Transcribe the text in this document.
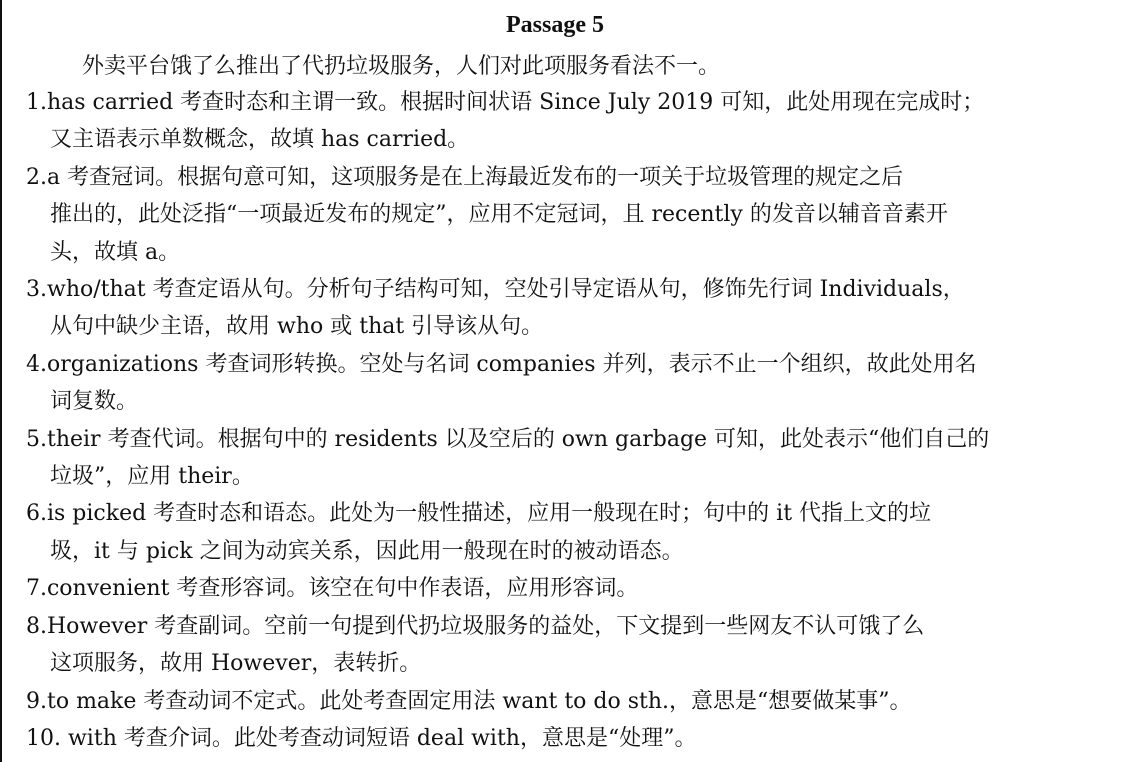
Passage 5
外卖平台饿了么推出了代扔垃圾服务，人们对此项服务看法不一。
1.has carried 考查时态和主谓一致。根据时间状语 Since July 2019 可知，此处用现在完成时；
又主语表示单数概念，故填 has carried。
2.a 考查冠词。根据句意可知，这项服务是在上海最近发布的一项关于垃圾管理的规定之后
推出的，此处泛指“一项最近发布的规定”，应用不定冠词，且 recently 的发音以辅音音素开
头，故填 a。
3.who/that 考查定语从句。分析句子结构可知，空处引导定语从句，修饰先行词 Individuals，
从句中缺少主语，故用 who 或 that 引导该从句。
4.organizations 考查词形转换。空处与名词 companies 并列，表示不止一个组织，故此处用名
词复数。
5.their 考查代词。根据句中的 residents 以及空后的 own garbage 可知，此处表示“他们自己的
垃圾”，应用 their。
6.is picked 考查时态和语态。此处为一般性描述，应用一般现在时；句中的 it 代指上文的垃
圾，it 与 pick 之间为动宾关系，因此用一般现在时的被动语态。
7.convenient 考查形容词。该空在句中作表语，应用形容词。
8.However 考查副词。空前一句提到代扔垃圾服务的益处，下文提到一些网友不认可饿了么
这项服务，故用 However，表转折。
9.to make 考查动词不定式。此处考查固定用法 want to do sth.，意思是“想要做某事”。
10. with 考查介词。此处考查动词短语 deal with，意思是“处理”。
